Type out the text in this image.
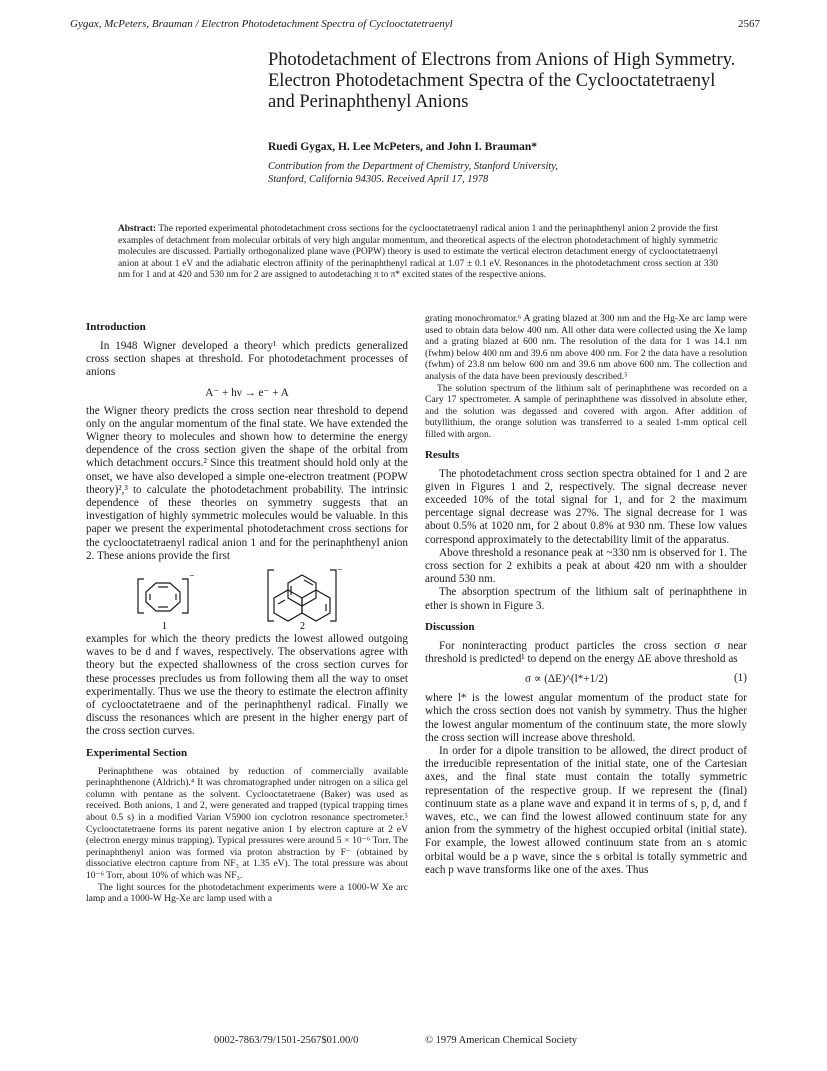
Gygax, McPeters, Brauman / Electron Photodetachment Spectra of Cyclooctatetraenyl	2567
Photodetachment of Electrons from Anions of High Symmetry. Electron Photodetachment Spectra of the Cyclooctatetraenyl and Perinaphthenyl Anions
Ruedi Gygax, H. Lee McPeters, and John I. Brauman*
Contribution from the Department of Chemistry, Stanford University,
Stanford, California 94305. Received April 17, 1978
Abstract: The reported experimental photodetachment cross sections for the cyclooctatetraenyl radical anion 1 and the perinaphthenyl anion 2 provide the first examples of detachment from molecular orbitals of very high angular momentum, and theoretical aspects of the electron photodetachment of highly symmetric molecules are discussed. Partially orthogonalized plane wave (POPW) theory is used to estimate the vertical electron detachment energy of cyclooctatetraenyl anion at about 1 eV and the adiabatic electron affinity of the perinaphthenyl radical at 1.07 ± 0.1 eV. Resonances in the photodetachment cross section at 330 nm for 1 and at 420 and 530 nm for 2 are assigned to autodetaching π to π* excited states of the respective anions.
Introduction

In 1948 Wigner developed a theory¹ which predicts generalized cross section shapes at threshold. For photodetachment processes of anions

A⁻ + hν → e⁻ + A

the Wigner theory predicts the cross section near threshold to depend only on the angular momentum of the final state. We have extended the Wigner theory to molecules and shown how to determine the energy dependence of the cross section given the shape of the orbital from which detachment occurs.² Since this treatment should hold only at the onset, we have also developed a simple one-electron treatment (POPW theory)²,³ to calculate the photodetachment probability. The intrinsic dependence of these theories on symmetry suggests that an investigation of highly symmetric molecules would be valuable. In this paper we present the experimental photodetachment cross sections for the cyclooctatetraenyl radical anion 1 and for the perinaphthenyl anion 2. These anions provide the first

⁻
1
⁻
2

examples for which the theory predicts the lowest allowed outgoing waves to be d and f waves, respectively. The observations agree with theory but the expected shallowness of the cross section curves for these processes precludes us from following them all the way to onset experimentally. Thus we use the theory to estimate the electron affinity of cyclooctatetraene and of the perinaphthenyl radical. Finally we discuss the resonances which are present in the higher energy part of the cross section curves.

Experimental Section

Perinaphthene was obtained by reduction of commercially available perinaphthenone (Aldrich).⁴ It was chromatographed under nitrogen on a silica gel column with pentane as the solvent. Cyclooctatetraene (Baker) was used as received. Both anions, 1 and 2, were generated and trapped (typical trapping times about 0.5 s) in a modified Varian V5900 ion cyclotron resonance spectrometer.⁵ Cyclooctatetraene forms its parent negative anion 1 by electron capture at 2 eV (electron energy minus trapping). Typical pressures were around 5 × 10⁻⁶ Torr. The perinaphthenyl anion was formed via proton abstraction by F⁻ (obtained by dissociative electron capture from NF₃ at 1.35 eV). The total pressure was about 10⁻⁶ Torr, about 10% of which was NF₃.

The light sources for the photodetachment experiments were a 1000-W Xe arc lamp and a 1000-W Hg-Xe arc lamp used with a

grating monochromator.⁶ A grating blazed at 300 nm and the Hg-Xe arc lamp were used to obtain data below 400 nm. All other data were collected using the Xe lamp and a grating blazed at 600 nm. The resolution of the data for 1 was 14.1 nm (fwhm) below 400 nm and 39.6 nm above 400 nm. For 2 the data have a resolution (fwhm) of 23.8 nm below 600 nm and 39.6 nm above 600 nm. The collection and analysis of the data have been previously described.⁵

The solution spectrum of the lithium salt of perinaphthene was recorded on a Cary 17 spectrometer. A sample of perinaphthene was dissolved in absolute ether, and the solution was degassed and covered with argon. After addition of butyllithium, the orange solution was transferred to a sealed 1-mm optical cell filled with argon.

Results

The photodetachment cross section spectra obtained for 1 and 2 are given in Figures 1 and 2, respectively. The signal decrease never exceeded 10% of the total signal for 1, and for 2 the maximum percentage signal decrease was 27%. The signal decrease for 1 was about 0.5% at 1020 nm, for 2 about 0.8% at 930 nm. These low values correspond approximately to the detectability limit of the apparatus.

Above threshold a resonance peak at ~330 nm is observed for 1. The cross section for 2 exhibits a peak at about 420 nm with a shoulder around 530 nm.

The absorption spectrum of the lithium salt of perinaphthene in ether is shown in Figure 3.

Discussion

For noninteracting product particles the cross section σ near threshold is predicted¹ to depend on the energy ΔE above threshold as

σ ∝ (ΔE)^(l*+1/2)	(1)

where l* is the lowest angular momentum of the product state for which the cross section does not vanish by symmetry. Thus the higher the lowest angular momentum of the continuum state, the more slowly the cross section will increase above threshold.

In order for a dipole transition to be allowed, the direct product of the irreducible representation of the initial state, one of the Cartesian axes, and the final state must contain the totally symmetric representation of the respective group. If we represent the (final) continuum state as a plane wave and expand it in terms of s, p, d, and f waves, etc., we can find the lowest allowed continuum state for any anion from the symmetry of the highest occupied orbital (initial state). For example, the lowest allowed continuum state from an s atomic orbital would be a p wave, since the s orbital is totally symmetric and each p wave transforms like one of the axes. Thus

0002-7863/79/1501-2567$01.00/0	© 1979 American Chemical Society
